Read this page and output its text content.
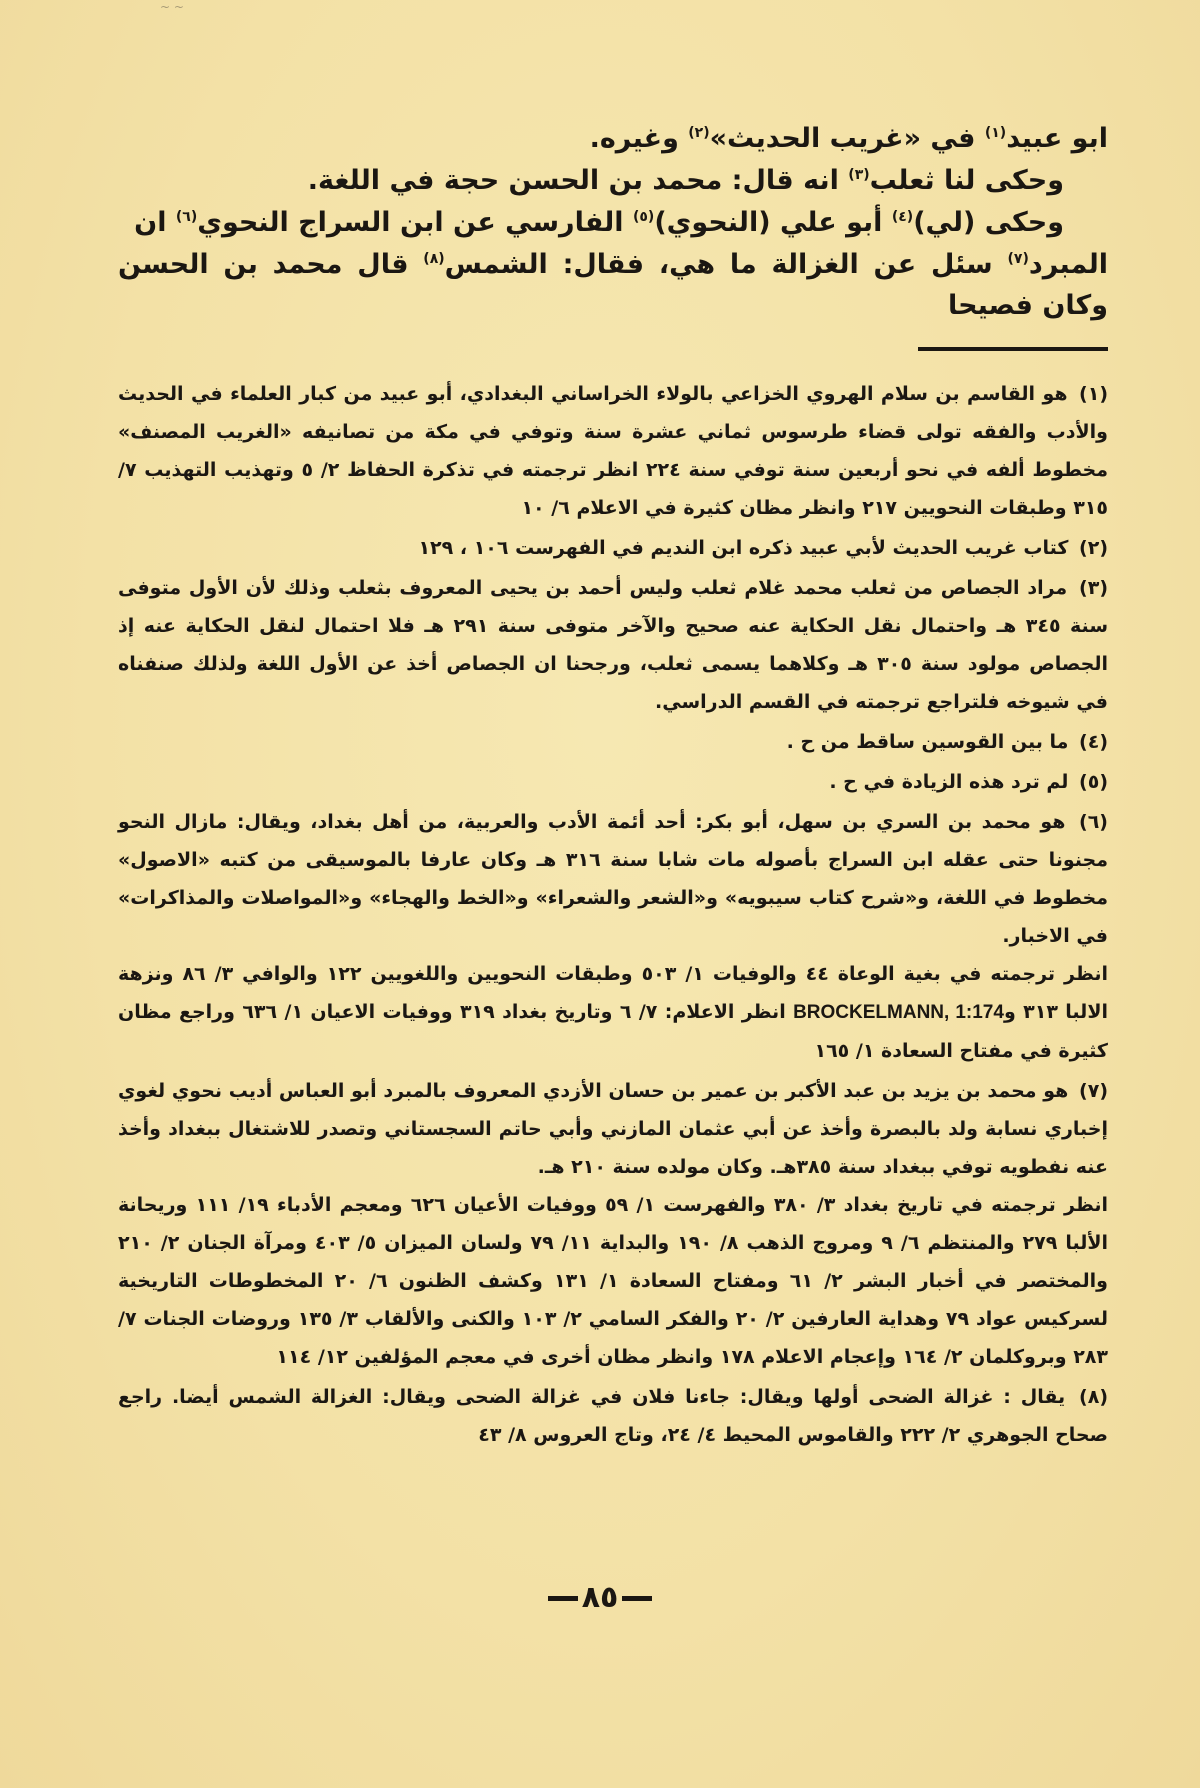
~ ~

ابو عبيد$^{(١)}$ في «غريب الحديث»$^{(٢)}$ وغيره.

وحكى لنا ثعلب$^{(٣)}$ انه قال: محمد بن الحسن حجة في اللغة.

وحكى (لي)$^{(٤)}$ أبو علي (النحوي)$^{(٥)}$ الفارسي عن ابن السراج النحوي$^{(٦)}$ ان

المبرد$^{(٧)}$ سئل عن الغزالة ما هي، فقال: الشمس$^{(٨)}$ قال محمد بن الحسن وكان فصيحا

(١) هو القاسم بن سلام الهروي الخزاعي بالولاء الخراساني البغدادي، أبو عبيد من كبار العلماء في الحديث والأدب والفقه تولى قضاء طرسوس ثماني عشرة سنة وتوفي في مكة من تصانيفه «الغريب المصنف» مخطوط ألفه في نحو أربعين سنة توفي سنة ٢٢٤ انظر ترجمته في تذكرة الحفاظ ٢/ ٥ وتهذيب التهذيب ٧/ ٣١٥ وطبقات النحويين ٢١٧ وانظر مظان كثيرة في الاعلام ٦/ ١٠
(٢) كتاب غريب الحديث لأبي عبيد ذكره ابن النديم في الفهرست ١٠٦ ، ١٢٩
(٣) مراد الجصاص من ثعلب محمد غلام ثعلب وليس أحمد بن يحيى المعروف بثعلب وذلك لأن الأول متوفى سنة ٣٤٥ هـ واحتمال نقل الحكاية عنه صحيح والآخر متوفى سنة ٢٩١ هـ فلا احتمال لنقل الحكاية عنه إذ الجصاص مولود سنة ٣٠٥ هـ وكلاهما يسمى ثعلب، ورجحنا ان الجصاص أخذ عن الأول اللغة ولذلك صنفناه في شيوخه فلتراجع ترجمته في القسم الدراسي.
(٤) ما بين القوسين ساقط من ح .
(٥) لم ترد هذه الزيادة في ح .
(٦) هو محمد بن السري بن سهل، أبو بكر: أحد أئمة الأدب والعربية، من أهل بغداد، ويقال: مازال النحو مجنونا حتى عقله ابن السراج بأصوله مات شابا سنة ٣١٦ هـ وكان عارفا بالموسيقى من كتبه «الاصول» مخطوط في اللغة، و«شرح كتاب سيبويه» و«الشعر والشعراء» و«الخط والهجاء» و«المواصلات والمذاكرات» في الاخبار.
انظر ترجمته في بغية الوعاة ٤٤ والوفيات ١/ ٥٠٣ وطبقات النحويين واللغويين ١٢٢ والوافي ٣/ ٨٦ ونزهة الالبا ٣١٣ وBROCKELMANN, 1:174 انظر الاعلام: ٧/ ٦ وتاريخ بغداد ٣١٩ ووفيات الاعيان ١/ ٦٣٦ وراجع مظان كثيرة في مفتاح السعادة ١/ ١٦٥
(٧) هو محمد بن يزيد بن عبد الأكبر بن عمير بن حسان الأزدي المعروف بالمبرد أبو العباس أديب نحوي لغوي إخباري نسابة ولد بالبصرة وأخذ عن أبي عثمان المازني وأبي حاتم السجستاني وتصدر للاشتغال ببغداد وأخذ عنه نفطويه توفي ببغداد سنة ٣٨٥هـ. وكان مولده سنة ٢١٠ هـ.
انظر ترجمته في تاريخ بغداد ٣/ ٣٨٠ والفهرست ١/ ٥٩ ووفيات الأعيان ٦٢٦ ومعجم الأدباء ١٩/ ١١١ وريحانة الألبا ٢٧٩ والمنتظم ٦/ ٩ ومروج الذهب ٨/ ١٩٠ والبداية ١١/ ٧٩ ولسان الميزان ٥/ ٤٠٣ ومرآة الجنان ٢/ ٢١٠ والمختصر في أخبار البشر ٢/ ٦١ ومفتاح السعادة ١/ ١٣١ وكشف الظنون ٦/ ٢٠ المخطوطات التاريخية لسركيس عواد ٧٩ وهداية العارفين ٢/ ٢٠ والفكر السامي ٢/ ١٠٣ والكنى والألقاب ٣/ ١٣٥ وروضات الجنات ٧/ ٢٨٣ وبروكلمان ٢/ ١٦٤ وإعجام الاعلام ١٧٨ وانظر مظان أخرى في معجم المؤلفين ١٢/ ١١٤
(٨) يقال : غزالة الضحى أولها ويقال: جاءنا فلان في غزالة الضحى ويقال: الغزالة الشمس أيضا. راجع صحاح الجوهري ٢/ ٢٢٢ والقاموس المحيط ٤/ ٢٤، وتاج العروس ٨/ ٤٣
٨٥
